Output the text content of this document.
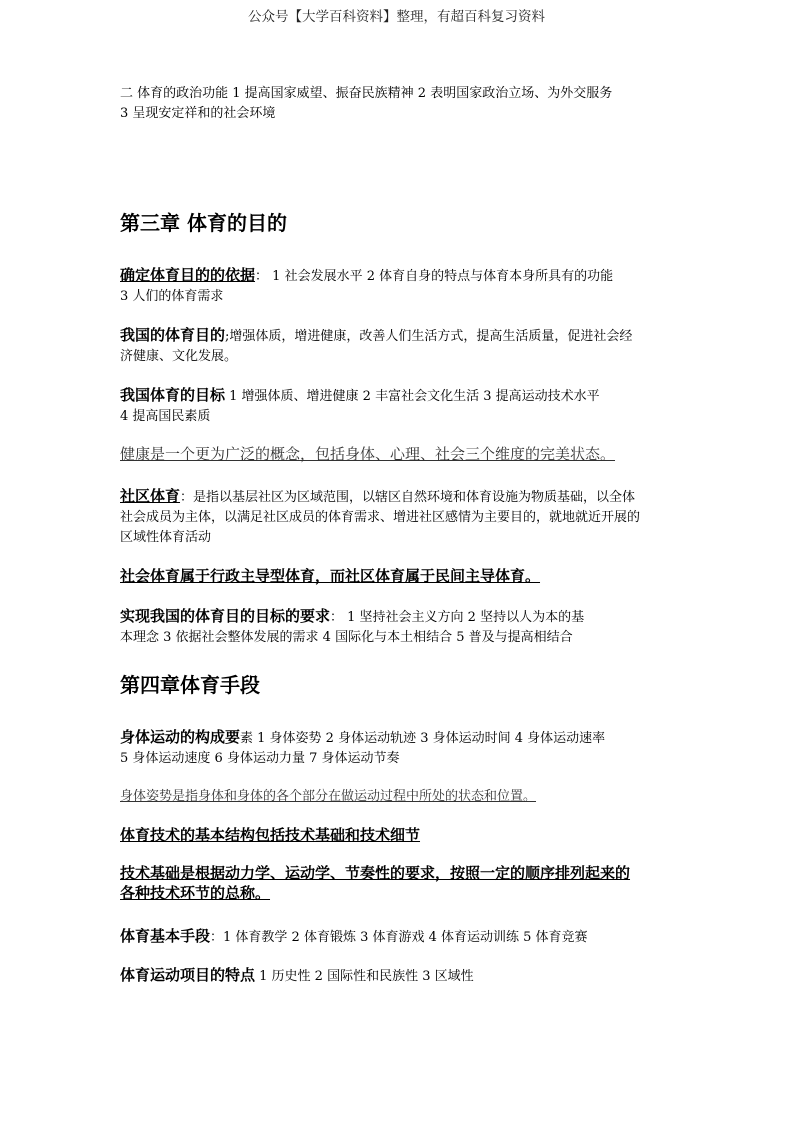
公众号【大学百科资料】整理，有超百科复习资料
二 体育的政治功能 1 提高国家威望、振奋民族精神 2 表明国家政治立场、为外交服务
3 呈现安定祥和的社会环境
第三章 体育的目的
确定体育目的的依据： 1 社会发展水平 2 体育自身的特点与体育本身所具有的功能
3 人们的体育需求
我国的体育目的;增强体质，增进健康，改善人们生活方式，提高生活质量，促进社会经
济健康、文化发展。
我国体育的目标 1 增强体质、增进健康 2 丰富社会文化生活 3 提高运动技术水平
4 提高国民素质
健康是一个更为广泛的概念，包括身体、心理、社会三个维度的完美状态。
社区体育：是指以基层社区为区域范围，以辖区自然环境和体育设施为物质基础，以全体
社会成员为主体，以满足社区成员的体育需求、增进社区感情为主要目的，就地就近开展的
区域性体育活动
社会体育属于行政主导型体育，而社区体育属于民间主导体育。
实现我国的体育目的目标的要求： 1 坚持社会主义方向 2 坚持以人为本的基
本理念 3 依据社会整体发展的需求 4 国际化与本土相结合 5 普及与提高相结合
第四章体育手段
身体运动的构成要素 1 身体姿势 2 身体运动轨迹 3 身体运动时间 4 身体运动速率
5 身体运动速度 6 身体运动力量 7 身体运动节奏
身体姿势是指身体和身体的各个部分在做运动过程中所处的状态和位置。
体育技术的基本结构包括技术基础和技术细节
技术基础是根据动力学、运动学、节奏性的要求，按照一定的顺序排列起来的
各种技术环节的总称。
体育基本手段：1 体育教学 2 体育锻炼 3 体育游戏 4 体育运动训练 5 体育竞赛
体育运动项目的特点 1 历史性 2 国际性和民族性 3 区域性
